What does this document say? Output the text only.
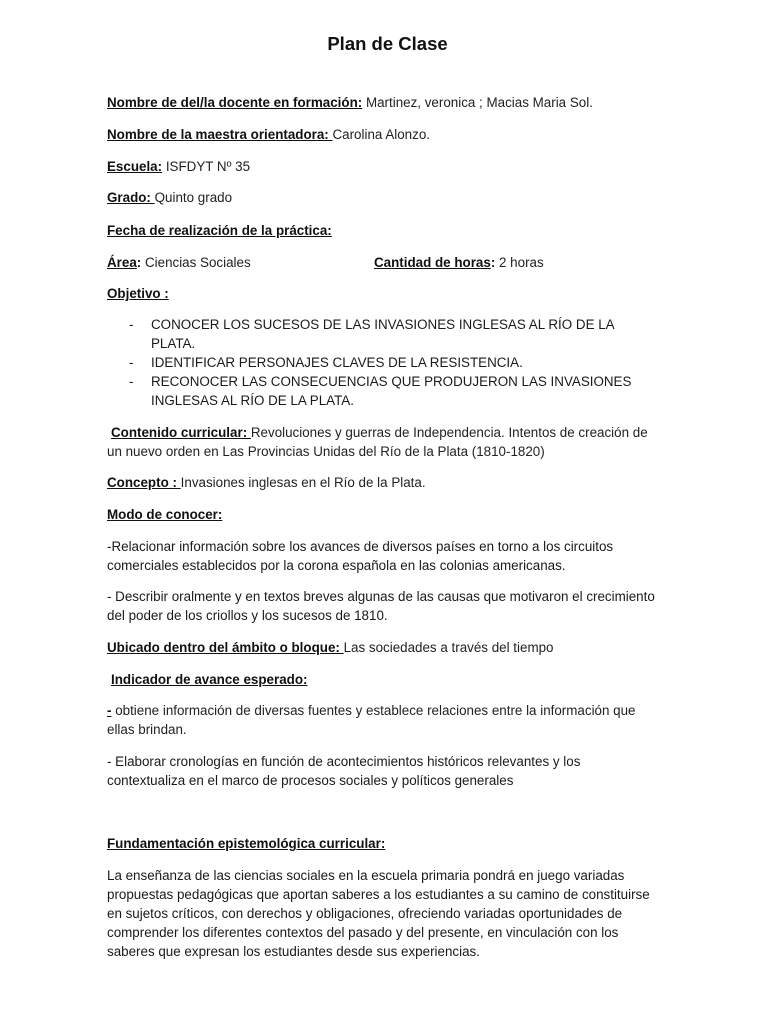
Plan de Clase
Nombre de del/la docente en formación: Martinez, veronica ; Macias Maria Sol.
Nombre de la maestra orientadora: Carolina Alonzo.
Escuela: ISFDYT Nº 35
Grado: Quinto grado
Fecha de realización de la práctica:
Área: Ciencias Sociales	Cantidad de horas: 2 horas
Objetivo :
- CONOCER LOS SUCESOS DE LAS INVASIONES INGLESAS AL RÍO DE LA PLATA.
- IDENTIFICAR PERSONAJES CLAVES DE LA RESISTENCIA.
- RECONOCER LAS CONSECUENCIAS QUE PRODUJERON LAS INVASIONES INGLESAS AL RÍO DE LA PLATA.
Contenido curricular: Revoluciones y guerras de Independencia. Intentos de creación de un nuevo orden en Las Provincias Unidas del Río de la Plata (1810-1820)
Concepto : Invasiones inglesas en el Río de la Plata.
Modo de conocer:
-Relacionar información sobre los avances de diversos países en torno a los circuitos comerciales establecidos por la corona española en las colonias americanas.
- Describir oralmente y en textos breves algunas de las causas que motivaron el crecimiento del poder de los criollos y los sucesos de 1810.
Ubicado dentro del ámbito o bloque: Las sociedades a través del tiempo
Indicador de avance esperado:
- obtiene información de diversas fuentes y establece relaciones entre la información que ellas brindan.
- Elaborar cronologías en función de acontecimientos históricos relevantes y los contextualiza en el marco de procesos sociales y políticos generales
Fundamentación epistemológica curricular:
La enseñanza de las ciencias sociales en la escuela primaria pondrá en juego variadas propuestas pedagógicas que aportan saberes a los estudiantes a su camino de constituirse en sujetos críticos, con derechos y obligaciones, ofreciendo variadas oportunidades de comprender los diferentes contextos del pasado y del presente, en vinculación con los saberes que expresan los estudiantes desde sus experiencias.
